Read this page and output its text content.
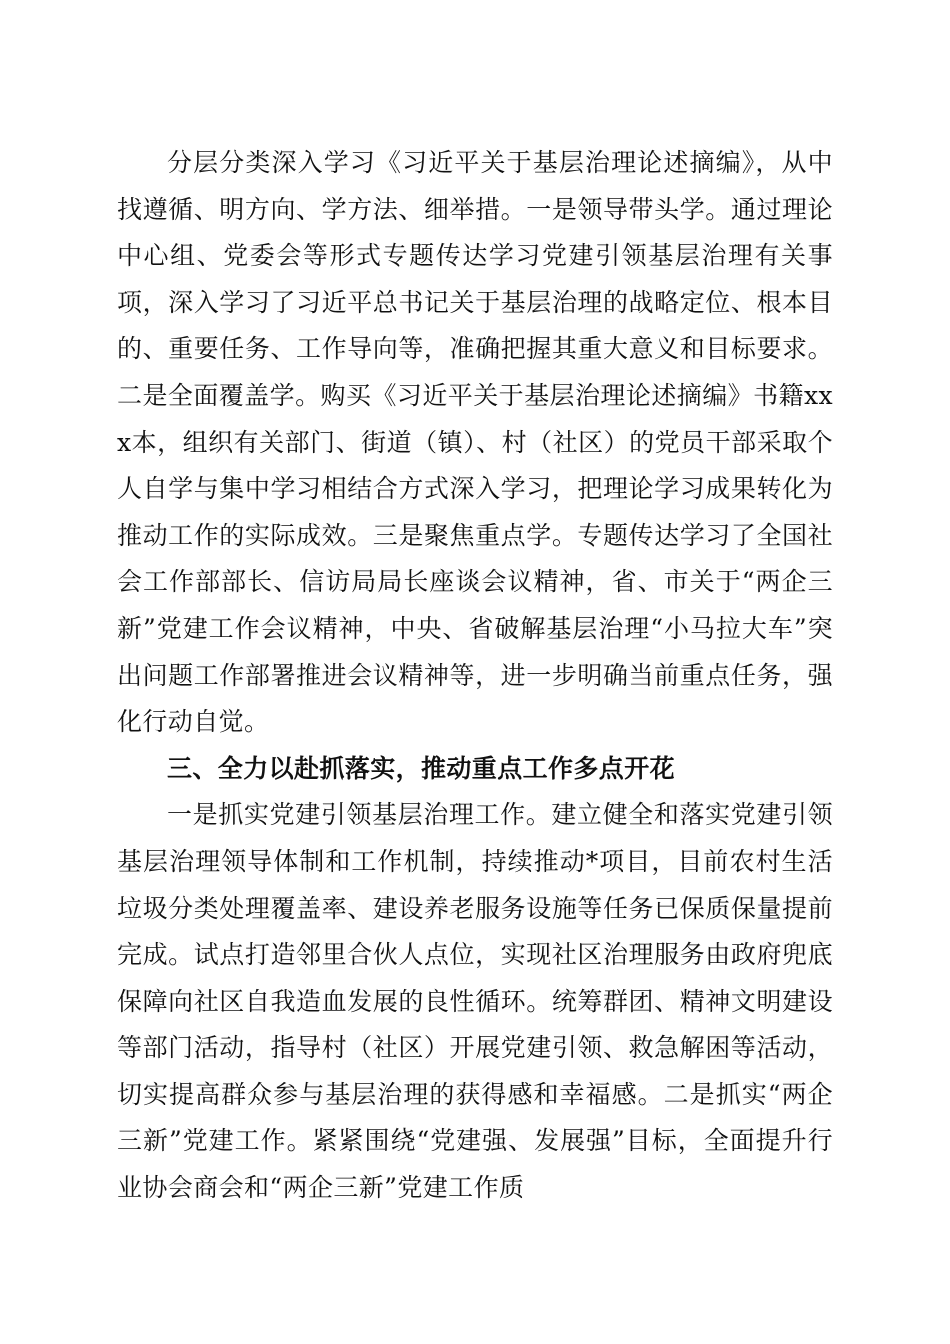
分层分类深入学习《习近平关于基层治理论述摘编》，从中找遵循、明方向、学方法、细举措。一是领导带头学。通过理论中心组、党委会等形式专题传达学习党建引领基层治理有关事项，深入学习了习近平总书记关于基层治理的战略定位、根本目的、重要任务、工作导向等，准确把握其重大意义和目标要求。二是全面覆盖学。购买《习近平关于基层治理论述摘编》书籍xxx本，组织有关部门、街道（镇）、村（社区）的党员干部采取个人自学与集中学习相结合方式深入学习，把理论学习成果转化为推动工作的实际成效。三是聚焦重点学。专题传达学习了全国社会工作部部长、信访局局长座谈会议精神，省、市关于“两企三新”党建工作会议精神，中央、省破解基层治理“小马拉大车”突出问题工作部署推进会议精神等，进一步明确当前重点任务，强化行动自觉。

三、全力以赴抓落实，推动重点工作多点开花

一是抓实党建引领基层治理工作。建立健全和落实党建引领基层治理领导体制和工作机制，持续推动*项目，目前农村生活垃圾分类处理覆盖率、建设养老服务设施等任务已保质保量提前完成。试点打造邻里合伙人点位，实现社区治理服务由政府兜底保障向社区自我造血发展的良性循环。统筹群团、精神文明建设等部门活动，指导村（社区）开展党建引领、救急解困等活动，切实提高群众参与基层治理的获得感和幸福感。二是抓实“两企三新”党建工作。紧紧围绕“党建强、发展强”目标，全面提升行业协会商会和“两企三新”党建工作质
